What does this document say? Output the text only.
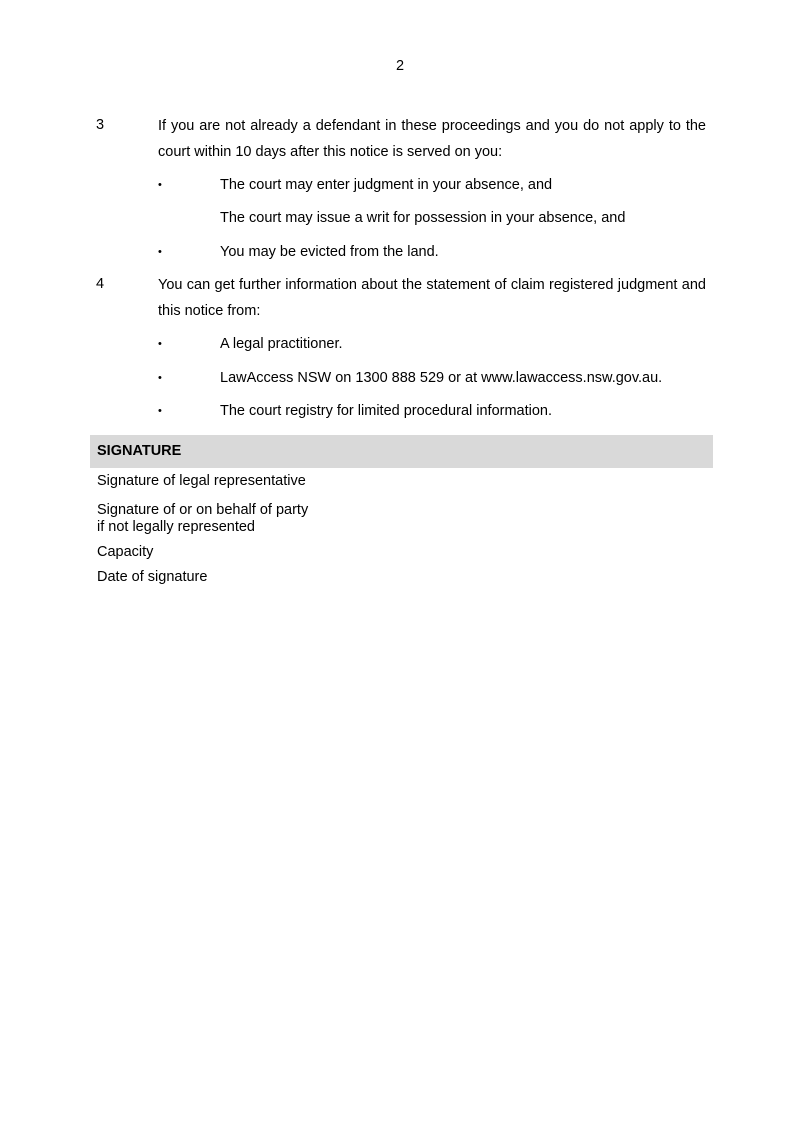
2
3	If you are not already a defendant in these proceedings and you do not apply to the court within 10 days after this notice is served on you:
•	The court may enter judgment in your absence, and
The court may issue a writ for possession in your absence, and
•	You may be evicted from the land.
4	You can get further information about the statement of claim registered judgment and this notice from:
•	A legal practitioner.
•	LawAccess NSW on 1300 888 529 or at www.lawaccess.nsw.gov.au.
•	The court registry for limited procedural information.
SIGNATURE
Signature of legal representative
Signature of or on behalf of party
if not legally represented
Capacity
Date of signature
